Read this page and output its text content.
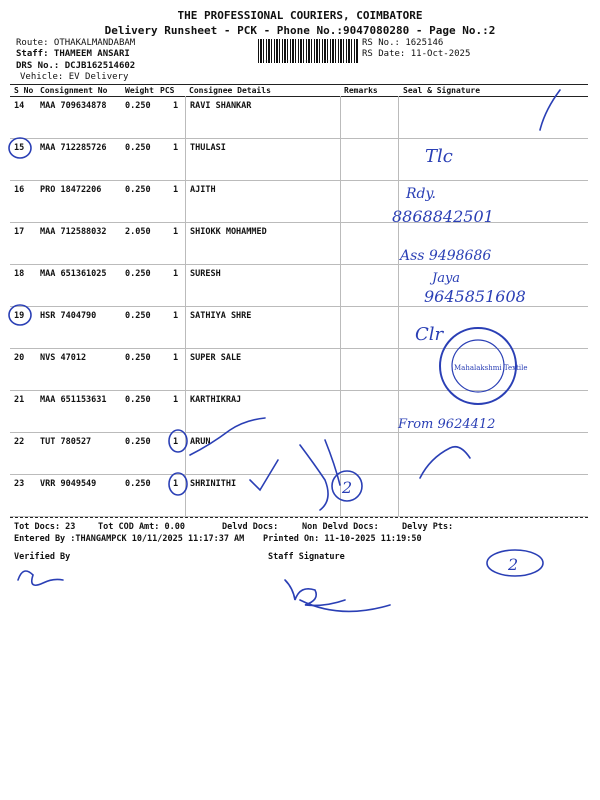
THE PROFESSIONAL COURIERS, COIMBATORE
Delivery Runsheet - PCK - Phone No.:9047080280 - Page No.:2
Route: OTHAKALMANDABAM
Staff: THAMEEM ANSARI
DRS No.: DCJB162514602
Vehicle: EV Delivery
RS No.: 1625146
RS Date: 11-Oct-2025
S No Consignment No Weight PCS Consignee Details	Remarks	Seal & Signature
14 MAA 709634878 0.250	1 RAVI SHANKAR
15 MAA 712285726 0.250	1 THULASI
16 PRO 18472206	0.250	1 AJITH
17 MAA 712588032 2.050	1 SHIOKK MOHAMMED
18 MAA 651361025 0.250	1 SURESH
19 HSR 7404790	0.250	1 SATHIYA SHRE
20 NVS 47012	0.250	1 SUPER SALE
21 MAA 651153631 0.250	1 KARTHIKRAJ
22 TUT 780527	0.250	1 ARUN
23 VRR 9049549	0.250	1 SHRINITHI
Tot Docs: 23	Tot COD Amt: 0.00	Delvd Docs:	Non Delvd Docs:	Delvy Pts:
Entered By :THANGAMPCK 10/11/2025 11:17:37 AM Printed On: 11-10-2025 11:19:50
Verified By	Staff Signature
Tlc
Rdy.
8868842501
Ass 9498686
Jaya
9645851608
Clr
From 9624412
2
2
Mahalakshmi Textile
